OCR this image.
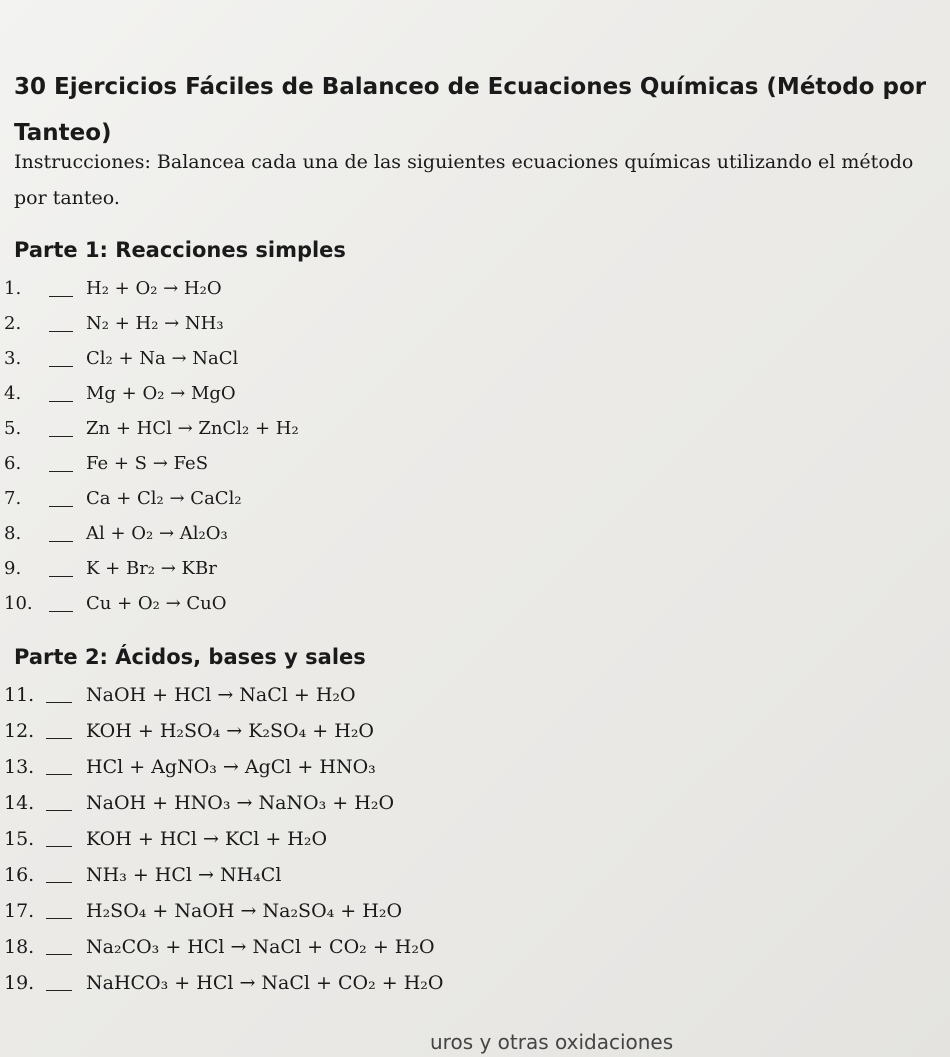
30 Ejercicios Fáciles de Balanceo de Ecuaciones Químicas (Método por Tanteo)

Instrucciones: Balancea cada una de las siguientes ecuaciones químicas utilizando el método por tanteo.

Parte 1: Reacciones simples
1.	H₂ + O₂ → H₂O
2.	N₂ + H₂ → NH₃
3.	Cl₂ + Na → NaCl
4.	Mg + O₂ → MgO
5.	Zn + HCl → ZnCl₂ + H₂
6.	Fe + S → FeS
7.	Ca + Cl₂ → CaCl₂
8.	Al + O₂ → Al₂O₃
9.	K + Br₂ → KBr
10.	Cu + O₂ → CuO
Parte 2: Ácidos, bases y sales
11.	NaOH + HCl → NaCl + H₂O
12.	KOH + H₂SO₄ → K₂SO₄ + H₂O
13.	HCl + AgNO₃ → AgCl + HNO₃
14.	NaOH + HNO₃ → NaNO₃ + H₂O
15.	KOH + HCl → KCl + H₂O
16.	NH₃ + HCl → NH₄Cl
17.	H₂SO₄ + NaOH → Na₂SO₄ + H₂O
18.	Na₂CO₃ + HCl → NaCl + CO₂ + H₂O
19.	NaHCO₃ + HCl → NaCl + CO₂ + H₂O
uros y otras oxidaciones
